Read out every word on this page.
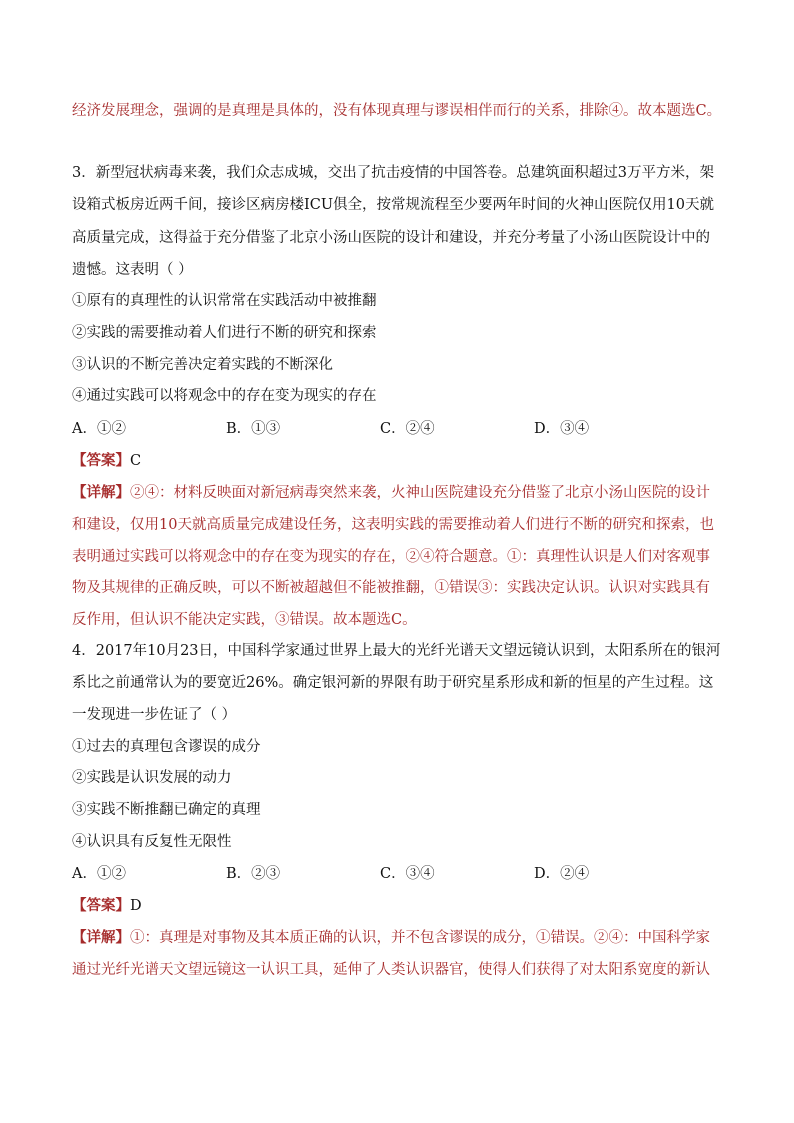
经济发展理念，强调的是真理是具体的，没有体现真理与谬误相伴而行的关系，排除④。故本题选C。
3．新型冠状病毒来袭，我们众志成城，交出了抗击疫情的中国答卷。总建筑面积超过3万平方米，架
设箱式板房近两千间，接诊区病房楼ICU俱全，按常规流程至少要两年时间的火神山医院仅用10天就
高质量完成，这得益于充分借鉴了北京小汤山医院的设计和建设，并充分考量了小汤山医院设计中的
遗憾。这表明（ ）
①原有的真理性的认识常常在实践活动中被推翻
②实践的需要推动着人们进行不断的研究和探索
③认识的不断完善决定着实践的不断深化
④通过实践可以将观念中的存在变为现实的存在
A．①②	B．①③	C．②④	D．③④
【答案】C
【详解】②④：材料反映面对新冠病毒突然来袭，火神山医院建设充分借鉴了北京小汤山医院的设计
和建设，仅用10天就高质量完成建设任务，这表明实践的需要推动着人们进行不断的研究和探索，也
表明通过实践可以将观念中的存在变为现实的存在，②④符合题意。①：真理性认识是人们对客观事
物及其规律的正确反映，可以不断被超越但不能被推翻，①错误③：实践决定认识。认识对实践具有
反作用，但认识不能决定实践，③错误。故本题选C。
4．2017年10月23日，中国科学家通过世界上最大的光纤光谱天文望远镜认识到，太阳系所在的银河
系比之前通常认为的要宽近26%。确定银河新的界限有助于研究星系形成和新的恒星的产生过程。这
一发现进一步佐证了（ ）
①过去的真理包含谬误的成分
②实践是认识发展的动力
③实践不断推翻已确定的真理
④认识具有反复性无限性
A．①②	B．②③	C．③④	D．②④
【答案】D
【详解】①：真理是对事物及其本质正确的认识，并不包含谬误的成分，①错误。②④：中国科学家
通过光纤光谱天文望远镜这一认识工具，延伸了人类认识器官，使得人们获得了对太阳系宽度的新认
